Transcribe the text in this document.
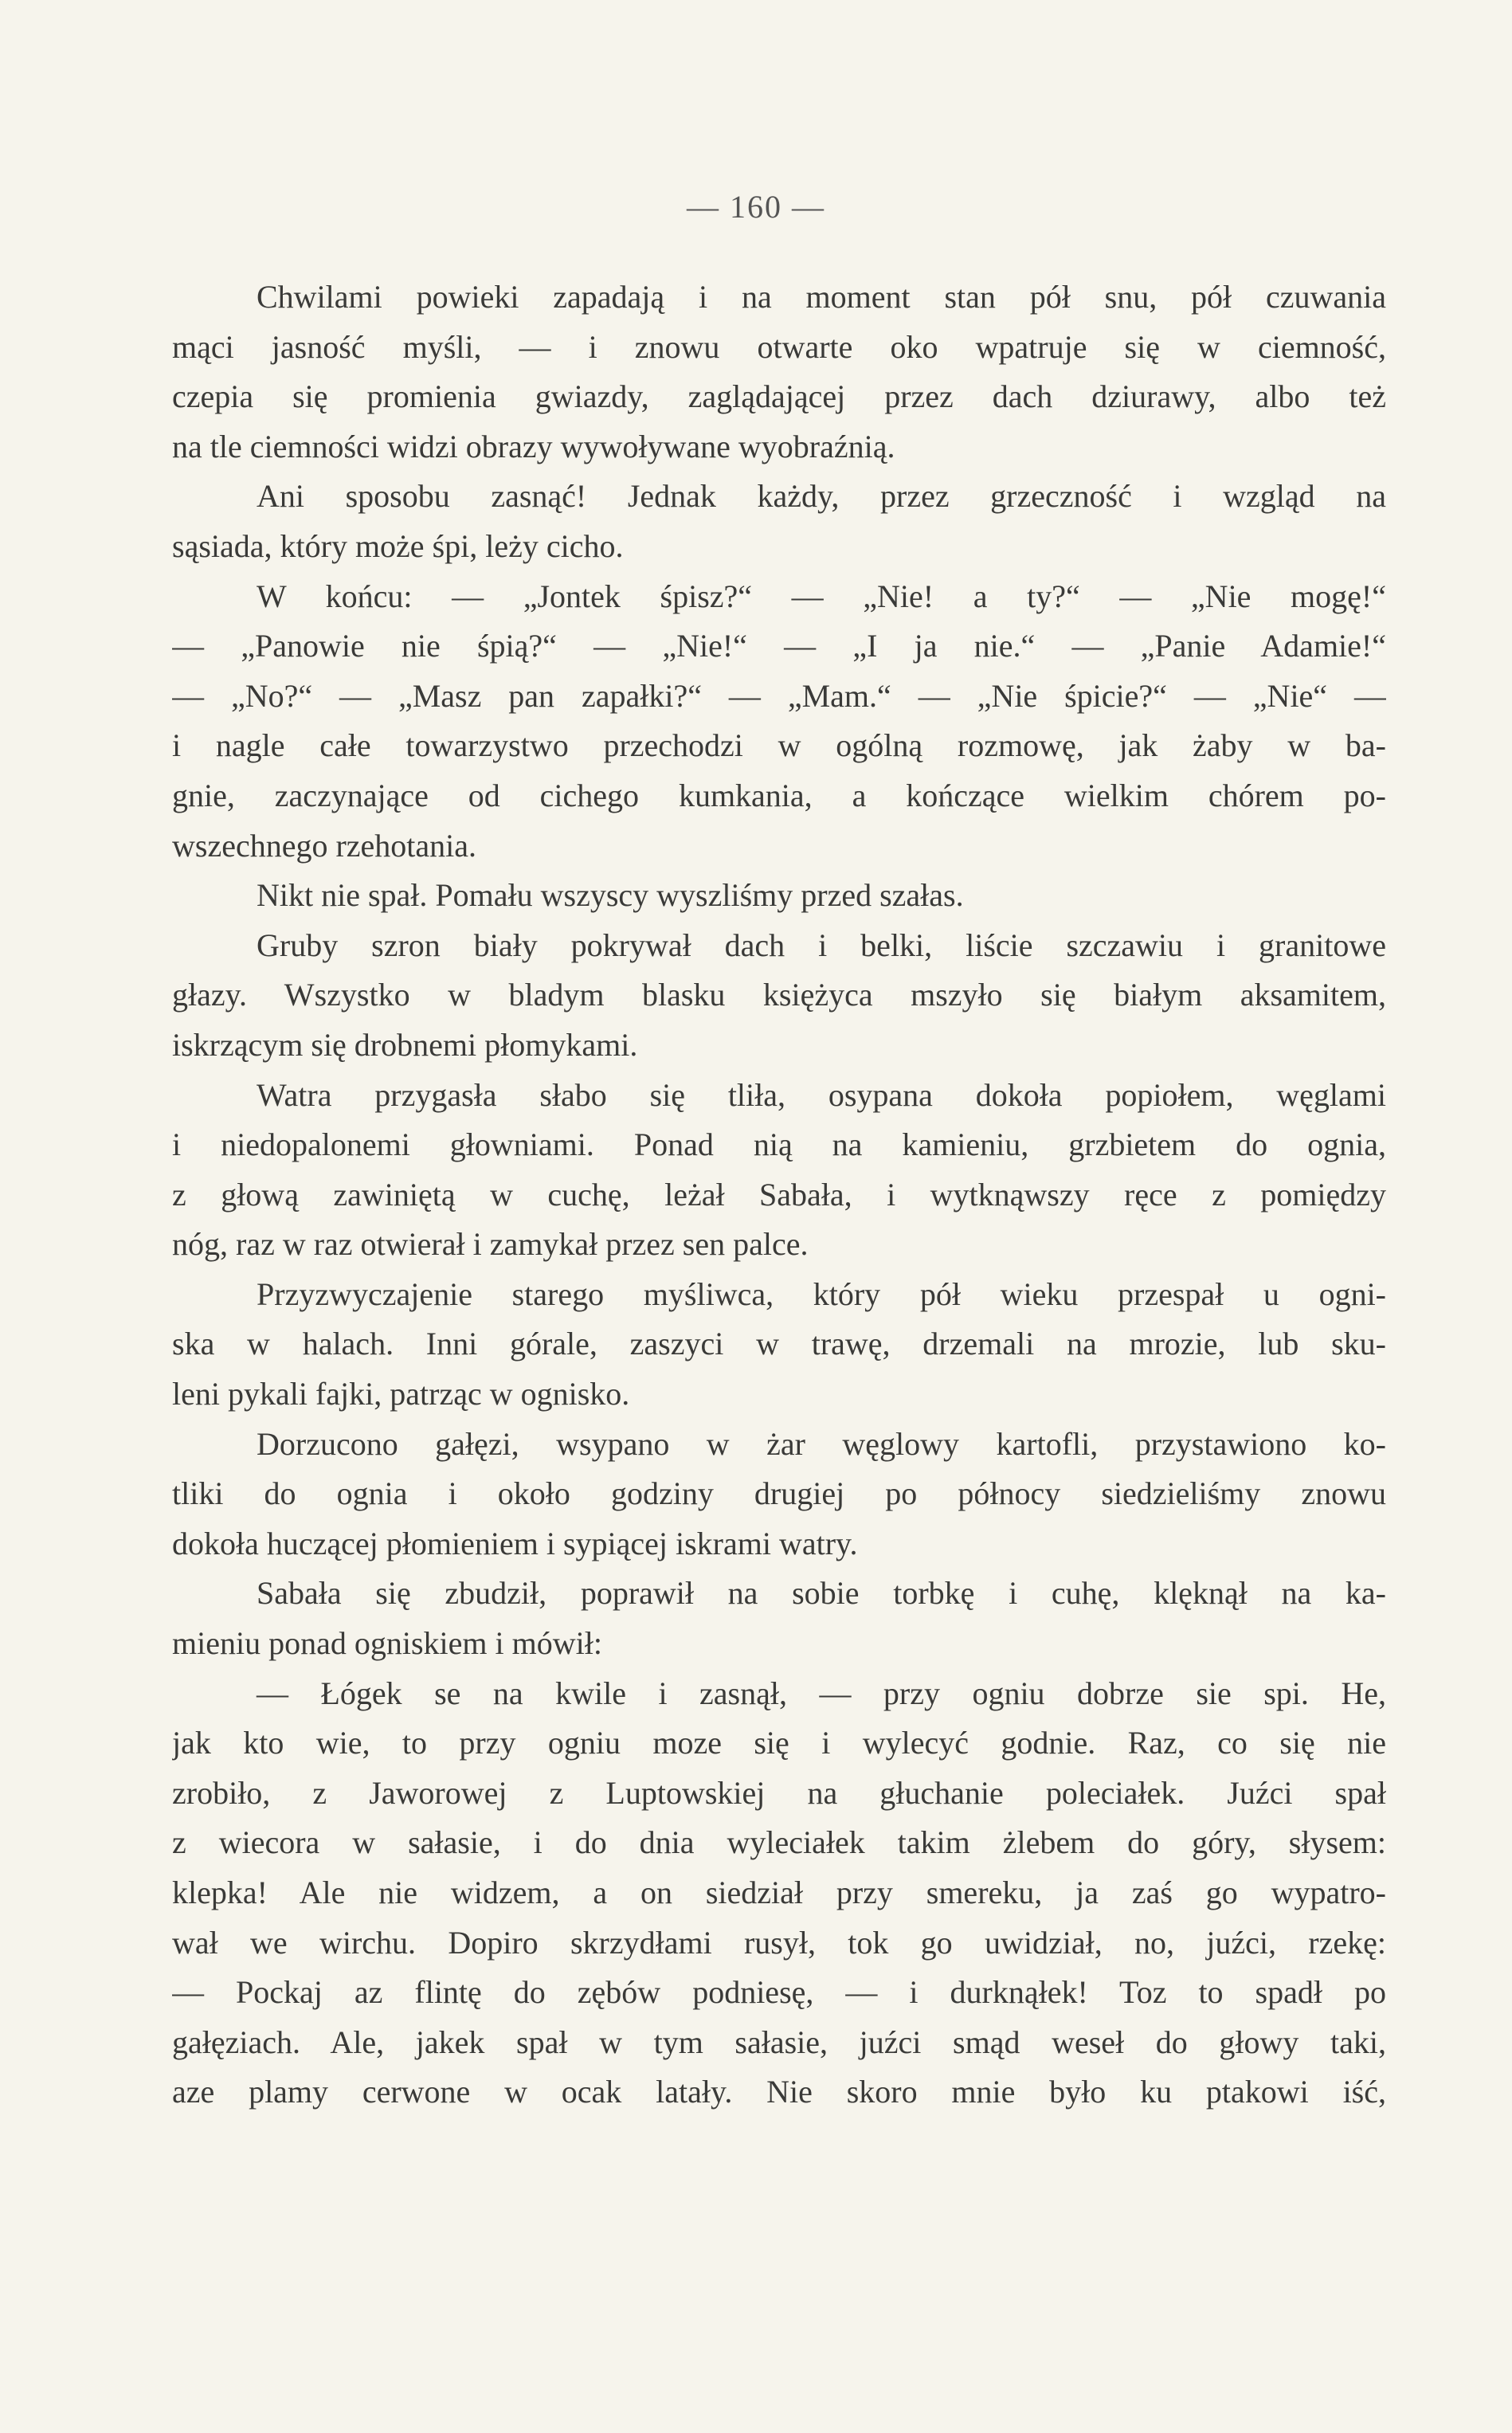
— 160 —
Chwilami powieki zapadają i na moment stan pół snu, pół czuwania
mąci jasność myśli, — i znowu otwarte oko wpatruje się w ciemność,
czepia się promienia gwiazdy, zaglądającej przez dach dziurawy, albo też
na tle ciemności widzi obrazy wywoływane wyobraźnią.
Ani sposobu zasnąć! Jednak każdy, przez grzeczność i wzgląd na
sąsiada, który może śpi, leży cicho.
W końcu: — „Jontek śpisz?“ — „Nie! a ty?“ — „Nie mogę!“
— „Panowie nie śpią?“ — „Nie!“ — „I ja nie.“ — „Panie Adamie!“
— „No?“ — „Masz pan zapałki?“ — „Mam.“ — „Nie śpicie?“ — „Nie“ —
i nagle całe towarzystwo przechodzi w ogólną rozmowę, jak żaby w ba-
gnie, zaczynające od cichego kumkania, a kończące wielkim chórem po-
wszechnego rzehotania.
Nikt nie spał. Pomału wszyscy wyszliśmy przed szałas.
Gruby szron biały pokrywał dach i belki, liście szczawiu i granitowe
głazy. Wszystko w bladym blasku księżyca mszyło się białym aksamitem,
iskrzącym się drobnemi płomykami.
Watra przygasła słabo się tliła, osypana dokoła popiołem, węglami
i niedopalonemi głowniami. Ponad nią na kamieniu, grzbietem do ognia,
z głową zawiniętą w cuchę, leżał Sabała, i wytknąwszy ręce z pomiędzy
nóg, raz w raz otwierał i zamykał przez sen palce.
Przyzwyczajenie starego myśliwca, który pół wieku przespał u ogni-
ska w halach. Inni górale, zaszyci w trawę, drzemali na mrozie, lub sku-
leni pykali fajki, patrząc w ognisko.
Dorzucono gałęzi, wsypano w żar węglowy kartofli, przystawiono ko-
tliki do ognia i około godziny drugiej po północy siedzieliśmy znowu
dokoła huczącej płomieniem i sypiącej iskrami watry.
Sabała się zbudził, poprawił na sobie torbkę i cuhę, klęknął na ka-
mieniu ponad ogniskiem i mówił:
— Łógek se na kwile i zasnął, — przy ogniu dobrze sie spi. He,
jak kto wie, to przy ogniu moze się i wylecyć godnie. Raz, co się nie
zrobiło, z Jaworowej z Luptowskiej na głuchanie poleciałek. Juźci spał
z wiecora w sałasie, i do dnia wyleciałek takim żlebem do góry, słysem:
klepka! Ale nie widzem, a on siedział przy smereku, ja zaś go wypatro-
wał we wirchu. Dopiro skrzydłami rusył, tok go uwidział, no, juźci, rzekę:
— Pockaj az flintę do zębów podniesę, — i durknąłek! Toz to spadł po
gałęziach. Ale, jakek spał w tym sałasie, juźci smąd weseł do głowy taki,
aze plamy cerwone w ocak latały. Nie skoro mnie było ku ptakowi iść,
